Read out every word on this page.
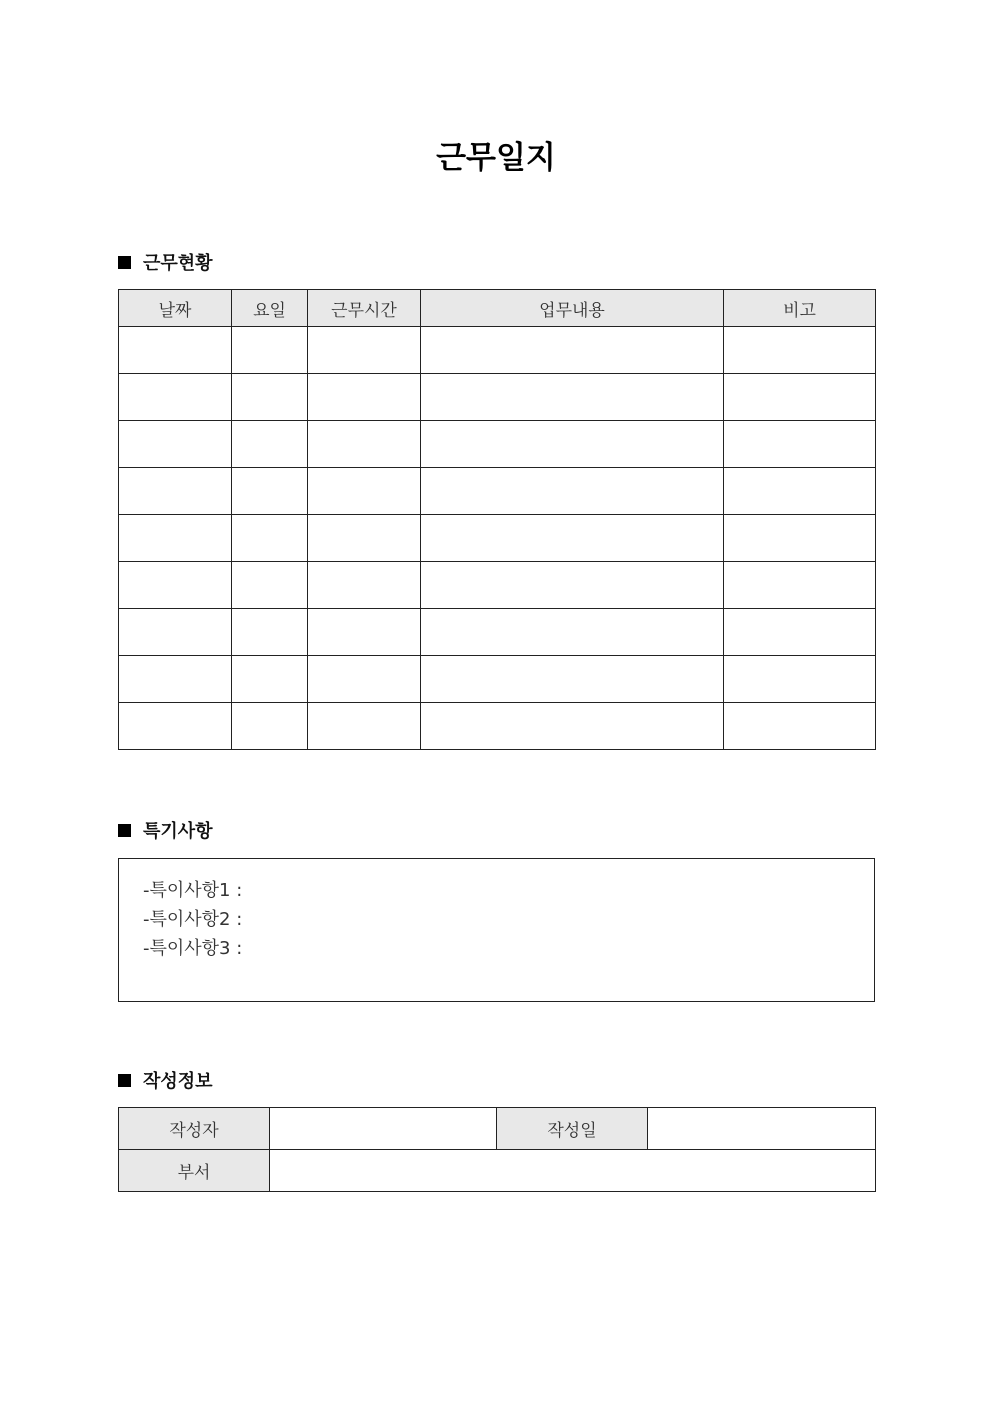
근무일지
근무현황
날짜	요일	근무시간	업무내용	비고

특기사항
-특이사항1 :
-특이사항2 :
-특이사항3 :
작성정보
작성자		작성일	
부서			
